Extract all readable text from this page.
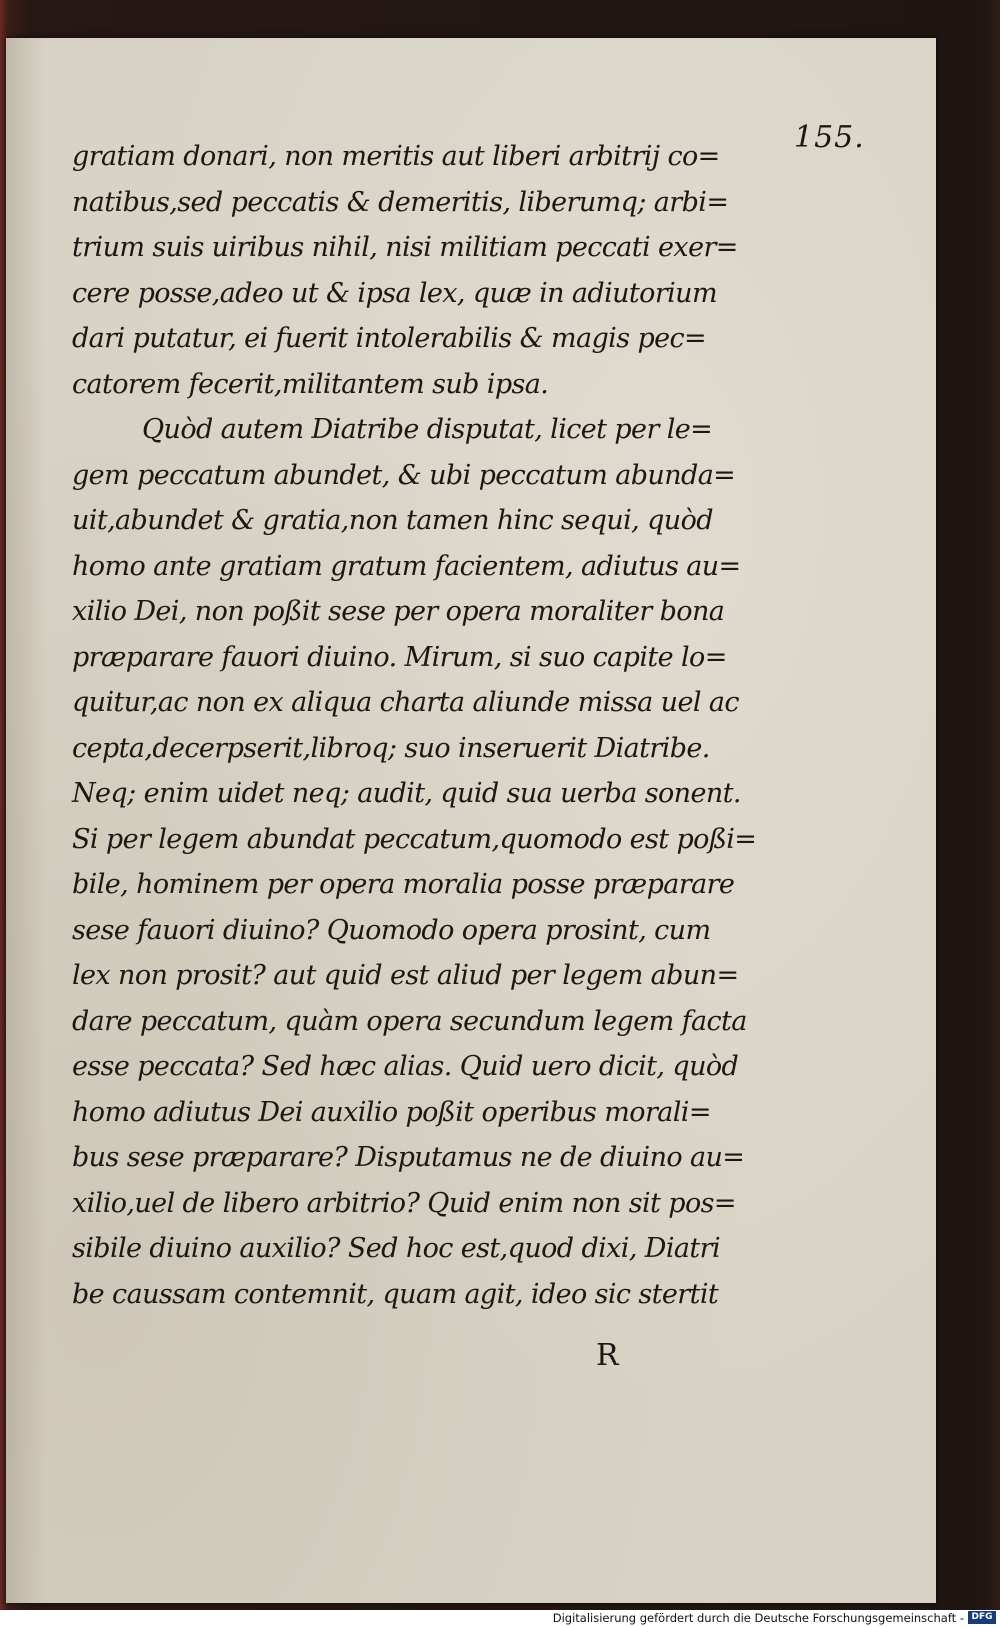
155.
gratiam donari, non meritis aut liberi arbitrij co=
natibus,sed peccatis & demeritis, liberumq; arbi=
trium suis uiribus nihil, nisi militiam peccati exer=
cere posse,adeo ut & ipsa lex, quæ in adiutorium
dari putatur, ei fuerit intolerabilis & magis pec=
catorem fecerit,militantem sub ipsa.
Quòd autem Diatribe disputat, licet per le=
gem peccatum abundet, & ubi peccatum abunda=
uit,abundet & gratia,non tamen hinc sequi, quòd
homo ante gratiam gratum facientem, adiutus au=
xilio Dei, non poßit sese per opera moraliter bona
præparare fauori diuino. Mirum, si suo capite lo=
quitur,ac non ex aliqua charta aliunde missa uel ac
cepta,decerpserit,libroq; suo inseruerit Diatribe.
Neq; enim uidet neq; audit, quid sua uerba sonent.
Si per legem abundat peccatum,quomodo est poßi=
bile, hominem per opera moralia posse præparare
sese fauori diuino? Quomodo opera prosint, cum
lex non prosit? aut quid est aliud per legem abun=
dare peccatum, quàm opera secundum legem facta
esse peccata? Sed hæc alias. Quid uero dicit, quòd
homo adiutus Dei auxilio poßit operibus morali=
bus sese præparare? Disputamus ne de diuino au=
xilio,uel de libero arbitrio? Quid enim non sit pos=
sibile diuino auxilio? Sed hoc est,quod dixi, Diatri
be caussam contemnit, quam agit, ideo sic stertit
R
Digitalisierung gefördert durch die Deutsche Forschungsgemeinschaft - DFG
